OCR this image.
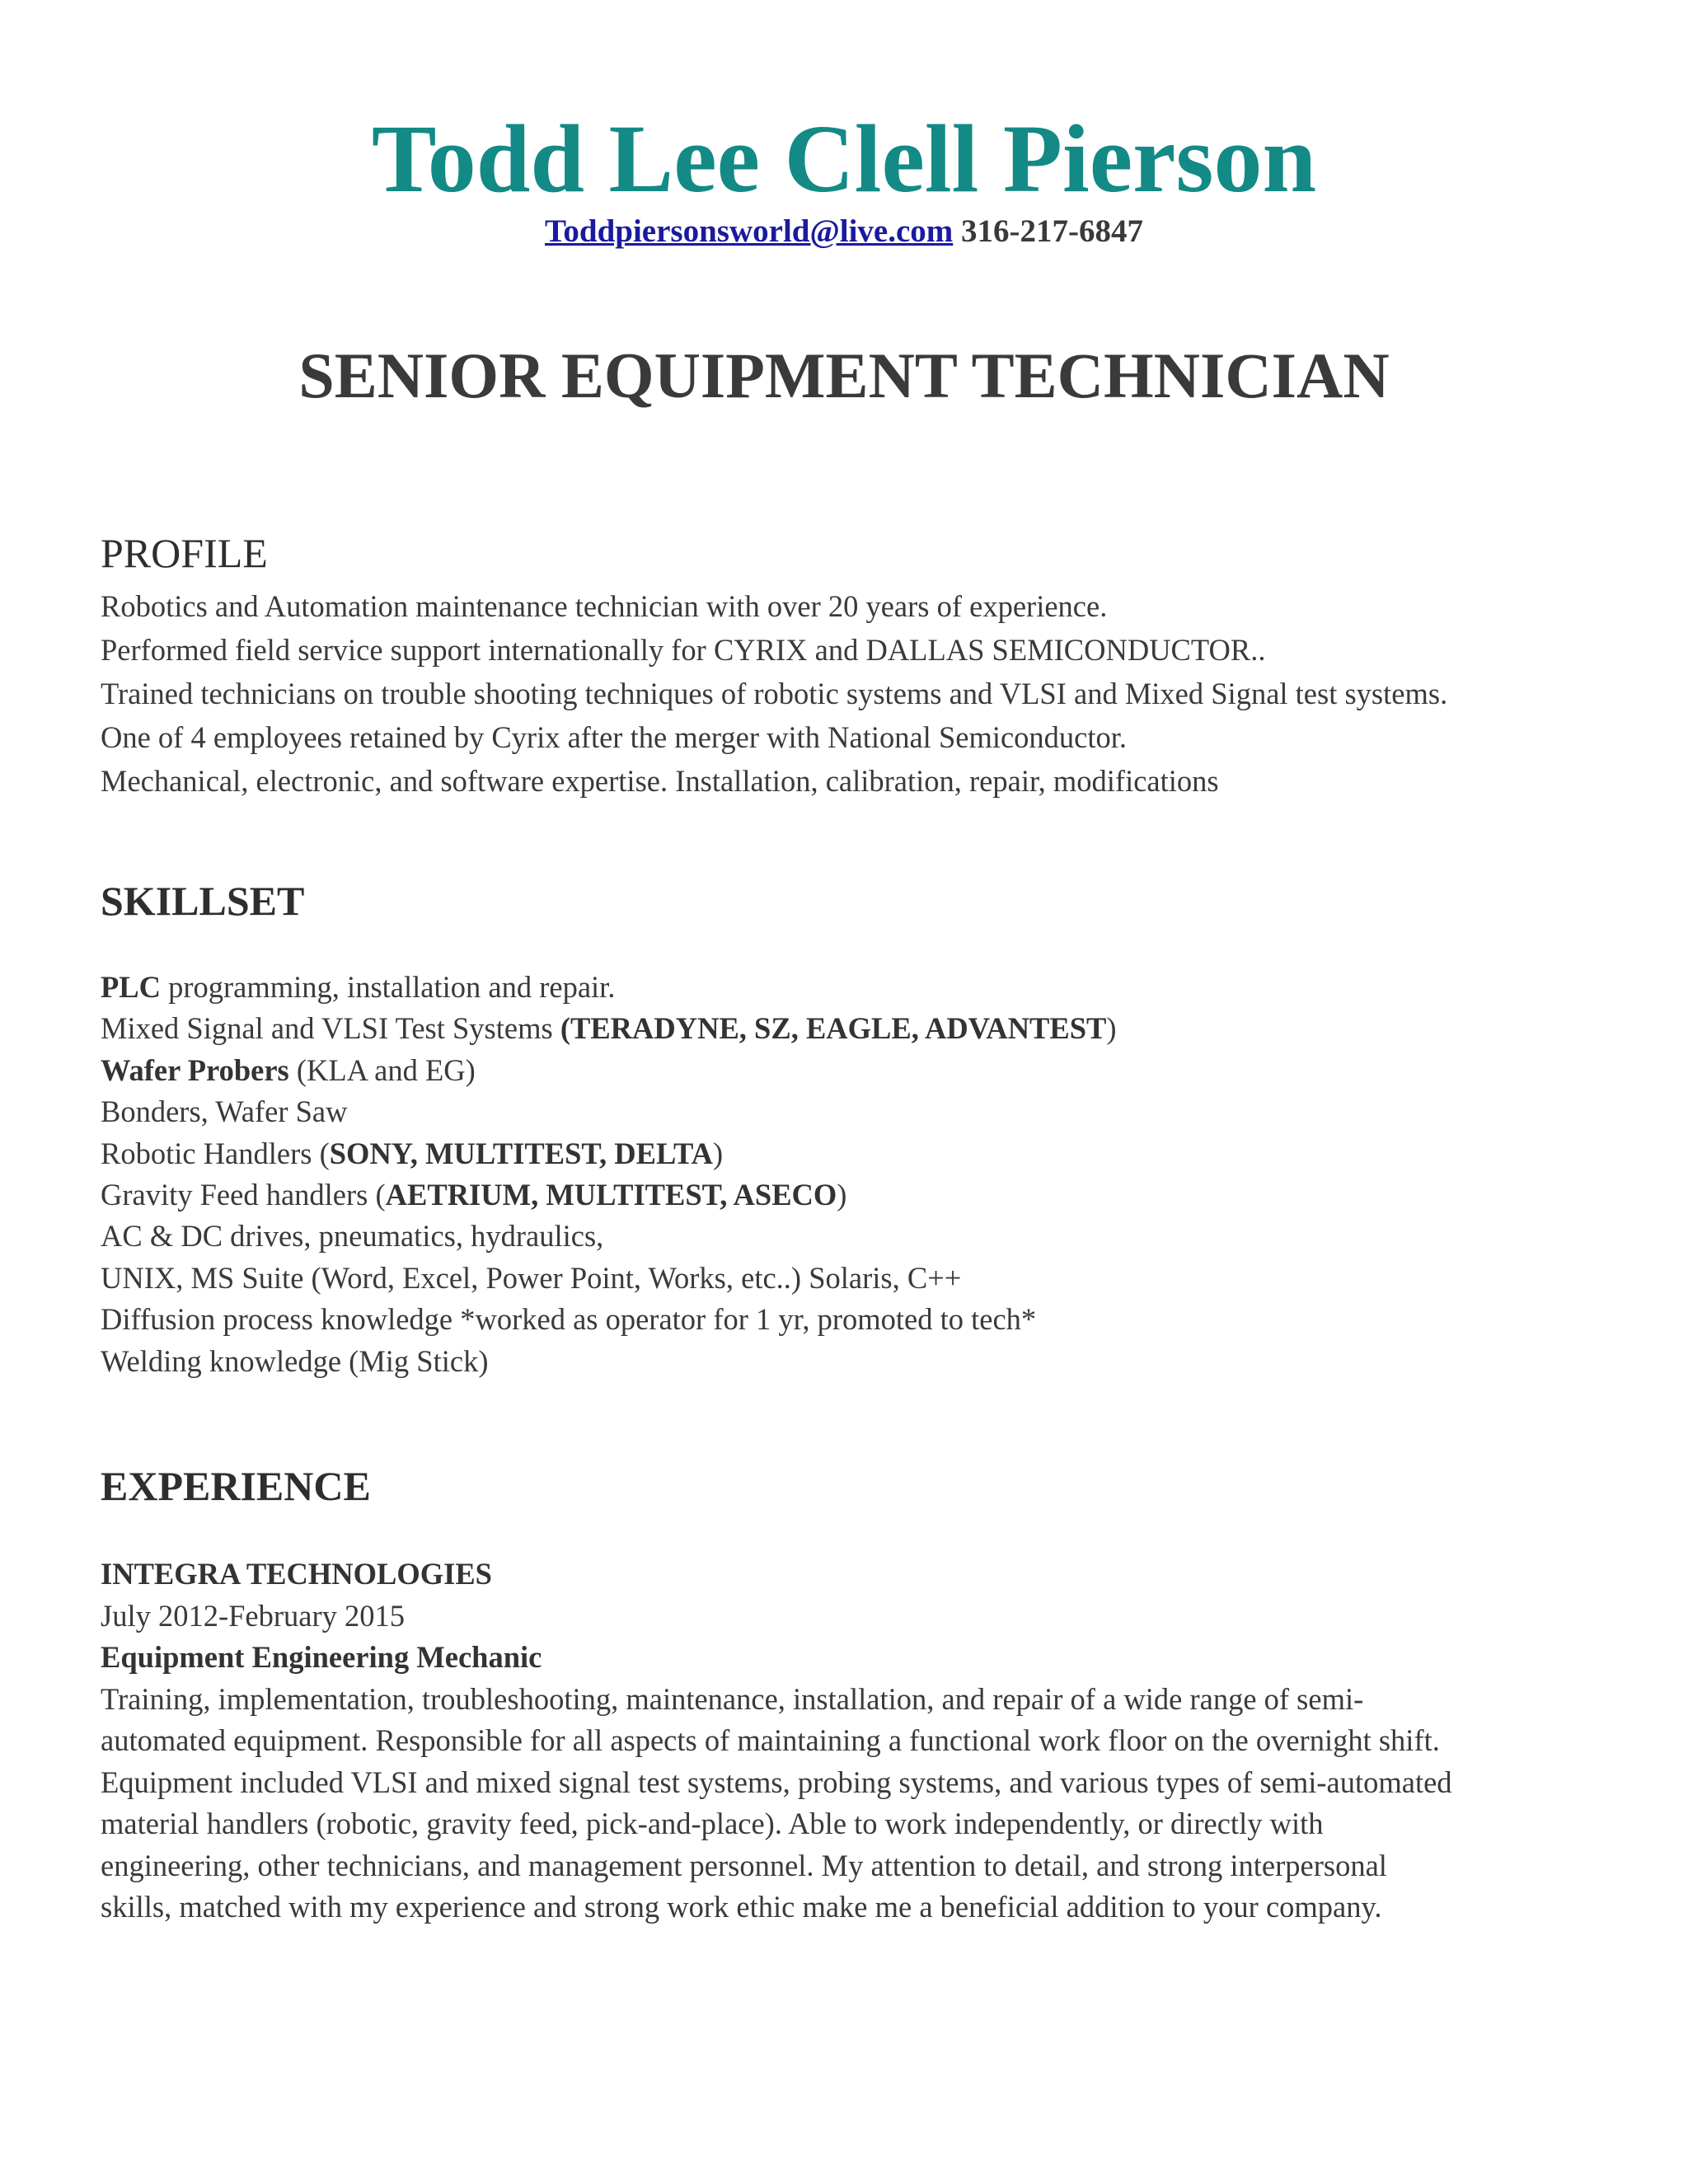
Todd Lee Clell Pierson
Toddpiersonsworld@live.com 316-217-6847
SENIOR EQUIPMENT TECHNICIAN
PROFILE
Robotics and Automation maintenance technician with over 20 years of experience.
Performed field service support internationally for CYRIX and DALLAS SEMICONDUCTOR..
Trained technicians on trouble shooting techniques of robotic systems and VLSI and Mixed Signal test systems.
One of 4 employees retained by Cyrix after the merger with National Semiconductor.
Mechanical, electronic, and software expertise. Installation, calibration, repair, modifications
SKILLSET
PLC programming, installation and repair.
Mixed Signal and VLSI Test Systems (TERADYNE, SZ, EAGLE, ADVANTEST)
Wafer Probers (KLA and EG)
Bonders, Wafer Saw
Robotic Handlers (SONY, MULTITEST, DELTA)
Gravity Feed handlers (AETRIUM, MULTITEST, ASECO)
AC & DC drives, pneumatics, hydraulics,
UNIX, MS Suite (Word, Excel, Power Point, Works, etc..) Solaris, C++
Diffusion process knowledge *worked as operator for 1 yr, promoted to tech*
Welding knowledge (Mig Stick)
EXPERIENCE
INTEGRA TECHNOLOGIES
July 2012-February 2015
Equipment Engineering Mechanic
Training, implementation, troubleshooting, maintenance, installation, and repair of a wide range of semi-
automated equipment. Responsible for all aspects of maintaining a functional work floor on the overnight shift.
Equipment included VLSI and mixed signal test systems, probing systems, and various types of semi-automated
material handlers (robotic, gravity feed, pick-and-place). Able to work independently, or directly with
engineering, other technicians, and management personnel. My attention to detail, and strong interpersonal
skills, matched with my experience and strong work ethic make me a beneficial addition to your company.
